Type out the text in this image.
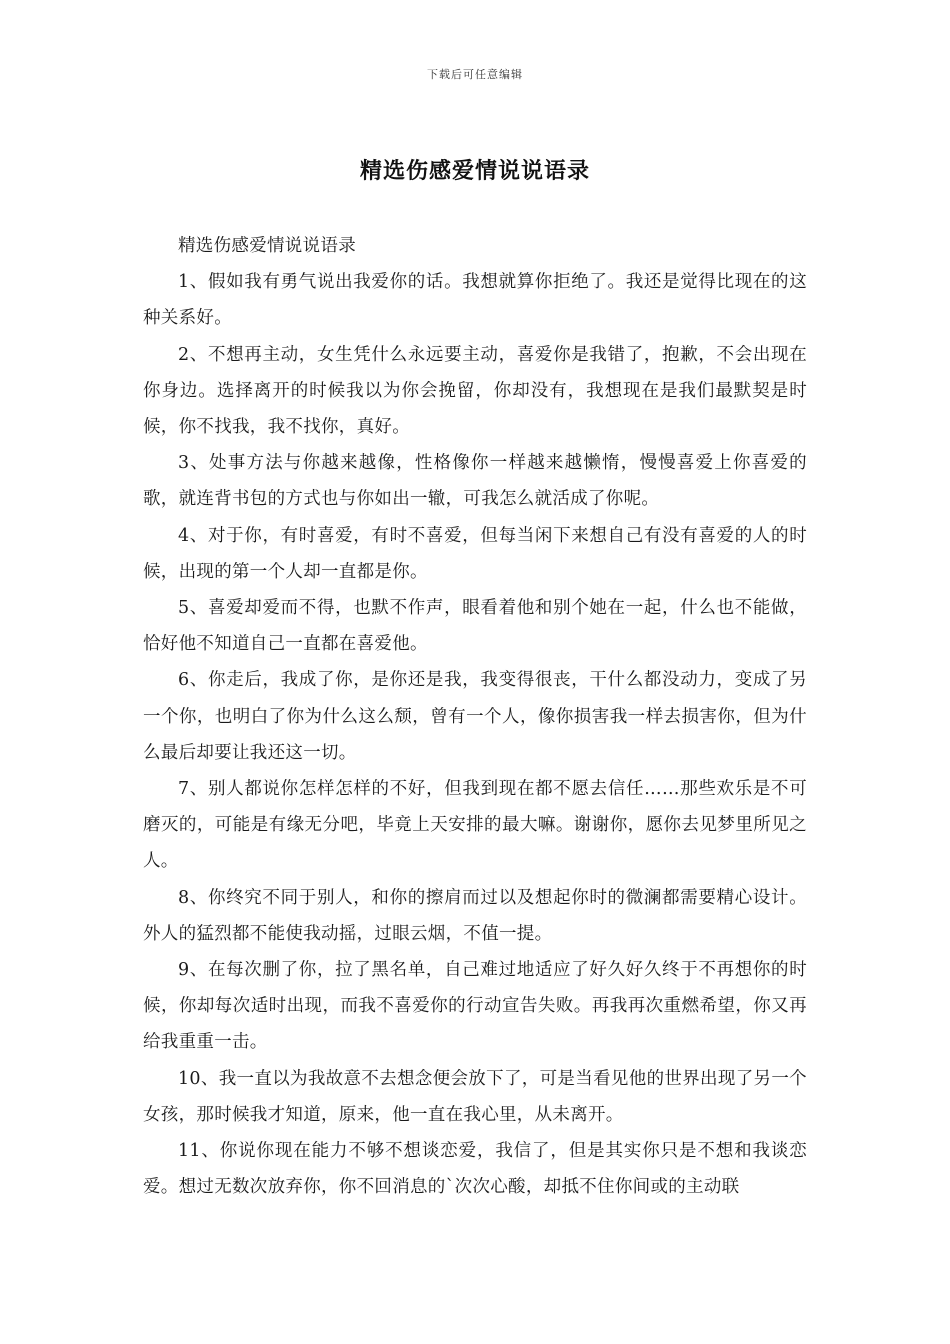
下载后可任意编辑
精选伤感爱情说说语录

精选伤感爱情说说语录

1、假如我有勇气说出我爱你的话。我想就算你拒绝了。我还是觉得比现在的这种关系好。

2、不想再主动，女生凭什么永远要主动，喜爱你是我错了，抱歉，不会出现在你身边。选择离开的时候我以为你会挽留，你却没有，我想现在是我们最默契是时候，你不找我，我不找你，真好。

3、处事方法与你越来越像，性格像你一样越来越懒惰，慢慢喜爱上你喜爱的歌，就连背书包的方式也与你如出一辙，可我怎么就活成了你呢。

4、对于你，有时喜爱，有时不喜爱，但每当闲下来想自己有没有喜爱的人的时候，出现的第一个人却一直都是你。

5、喜爱却爱而不得，也默不作声，眼看着他和别个她在一起，什么也不能做，恰好他不知道自己一直都在喜爱他。

6、你走后，我成了你，是你还是我，我变得很丧，干什么都没动力，变成了另一个你，也明白了你为什么这么颓，曾有一个人，像你损害我一样去损害你，但为什么最后却要让我还这一切。

7、别人都说你怎样怎样的不好，但我到现在都不愿去信任……那些欢乐是不可磨灭的，可能是有缘无分吧，毕竟上天安排的最大嘛。谢谢你，愿你去见梦里所见之人。

8、你终究不同于别人，和你的擦肩而过以及想起你时的微澜都需要精心设计。外人的猛烈都不能使我动摇，过眼云烟，不值一提。

9、在每次删了你，拉了黑名单，自己难过地适应了好久好久终于不再想你的时候，你却每次适时出现，而我不喜爱你的行动宣告失败。再我再次重燃希望，你又再给我重重一击。

10、我一直以为我故意不去想念便会放下了，可是当看见他的世界出现了另一个女孩，那时候我才知道，原来，他一直在我心里，从未离开。

11、你说你现在能力不够不想谈恋爱，我信了，但是其实你只是不想和我谈恋爱。想过无数次放弃你，你不回消息的`次次心酸，却抵不住你间或的主动联
